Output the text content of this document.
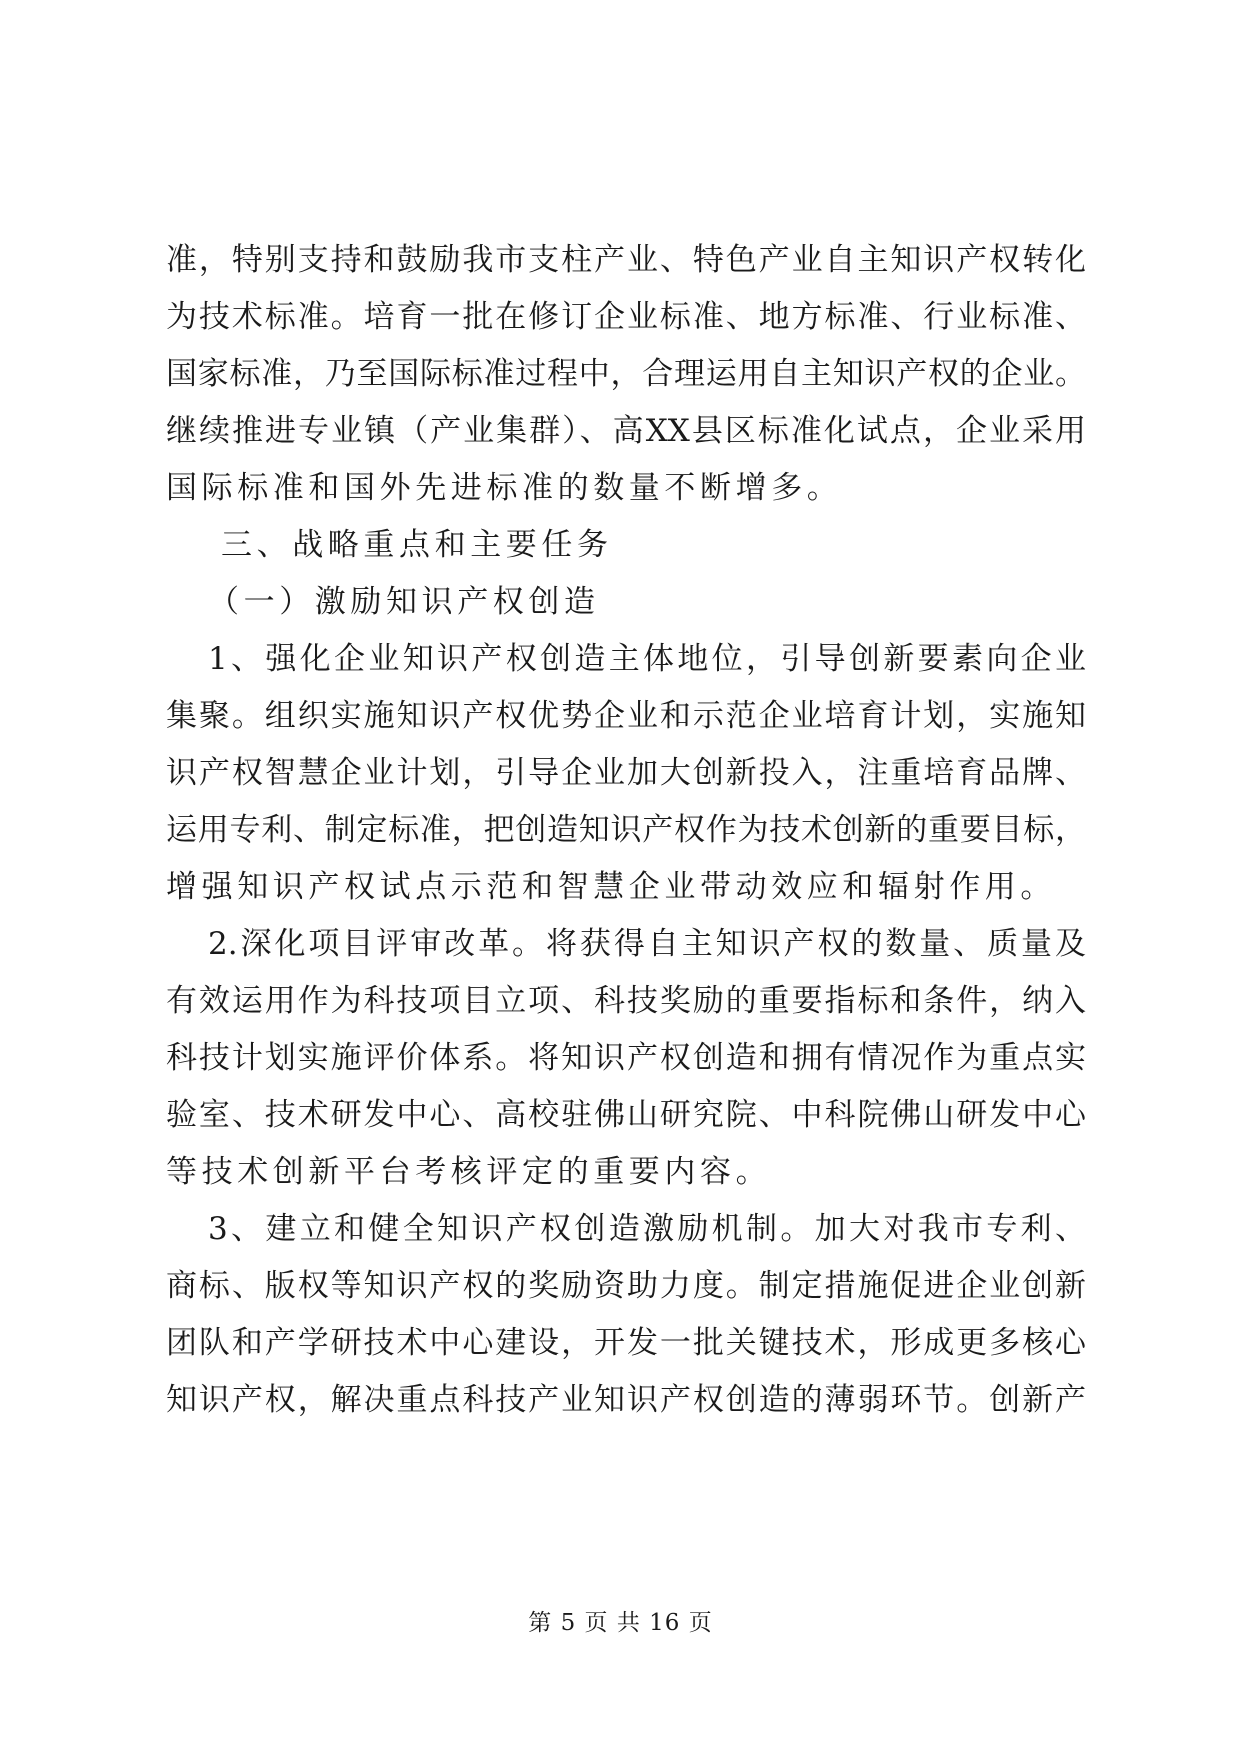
准，特别支持和鼓励我市支柱产业、特色产业自主知识产权转化
为技术标准。培育一批在修订企业标准、地方标准、行业标准、
国家标准，乃至国际标准过程中，合理运用自主知识产权的企业。
继续推进专业镇（产业集群）、高XX县区标准化试点，企业采用
国际标准和国外先进标准的数量不断增多。
三、战略重点和主要任务
（一）激励知识产权创造
1、强化企业知识产权创造主体地位，引导创新要素向企业
集聚。组织实施知识产权优势企业和示范企业培育计划，实施知
识产权智慧企业计划，引导企业加大创新投入，注重培育品牌、
运用专利、制定标准，把创造知识产权作为技术创新的重要目标，
增强知识产权试点示范和智慧企业带动效应和辐射作用。
2.深化项目评审改革。将获得自主知识产权的数量、质量及
有效运用作为科技项目立项、科技奖励的重要指标和条件，纳入
科技计划实施评价体系。将知识产权创造和拥有情况作为重点实
验室、技术研发中心、高校驻佛山研究院、中科院佛山研发中心
等技术创新平台考核评定的重要内容。
3、建立和健全知识产权创造激励机制。加大对我市专利、
商标、版权等知识产权的奖励资助力度。制定措施促进企业创新
团队和产学研技术中心建设，开发一批关键技术，形成更多核心
知识产权，解决重点科技产业知识产权创造的薄弱环节。创新产
第 5 页 共 16 页
